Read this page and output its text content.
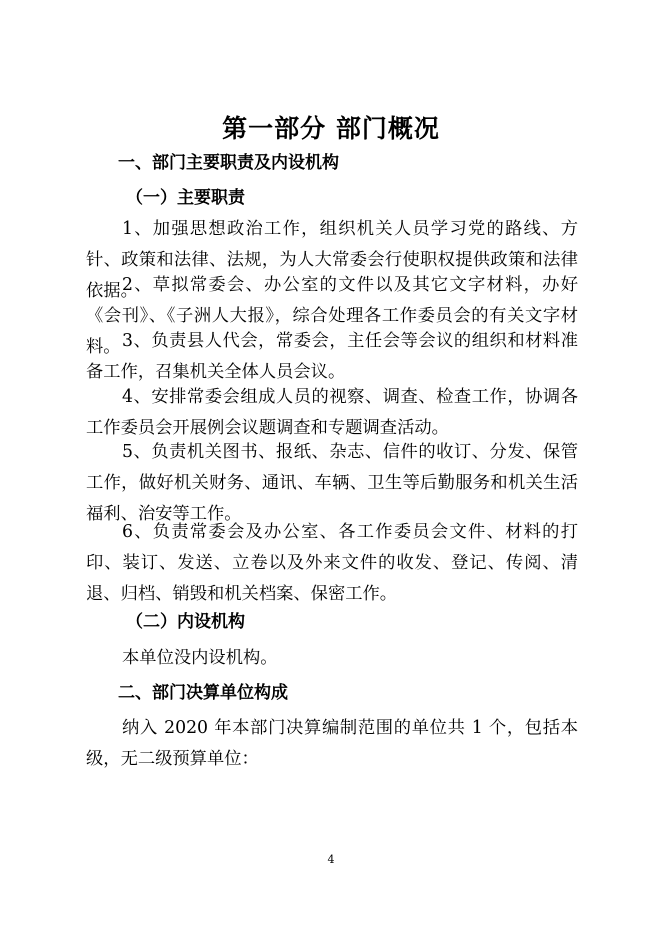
第一部分 部门概况
一、部门主要职责及内设机构
（一）主要职责
1、加强思想政治工作，组织机关人员学习党的路线、方针、政策和法律、法规，为人大常委会行使职权提供政策和法律依据。
2、草拟常委会、办公室的文件以及其它文字材料，办好《会刊》、《子洲人大报》，综合处理各工作委员会的有关文字材料。 3、负责县人代会，常委会，主任会等会议的组织和材料准备工作，召集机关全体人员会议。
4、安排常委会组成人员的视察、调查、检查工作，协调各工作委员会开展例会议题调查和专题调查活动。
5、负责机关图书、报纸、杂志、信件的收订、分发、保管工作，做好机关财务、通讯、车辆、卫生等后勤服务和机关生活福利、治安等工作。
6、负责常委会及办公室、各工作委员会文件、材料的打印、装订、发送、立卷以及外来文件的收发、登记、传阅、清退、归档、销毁和机关档案、保密工作。
（二）内设机构
本单位没内设机构。
二、部门决算单位构成
纳入 2020 年本部门决算编制范围的单位共 1 个，包括本级，无二级预算单位：
4
